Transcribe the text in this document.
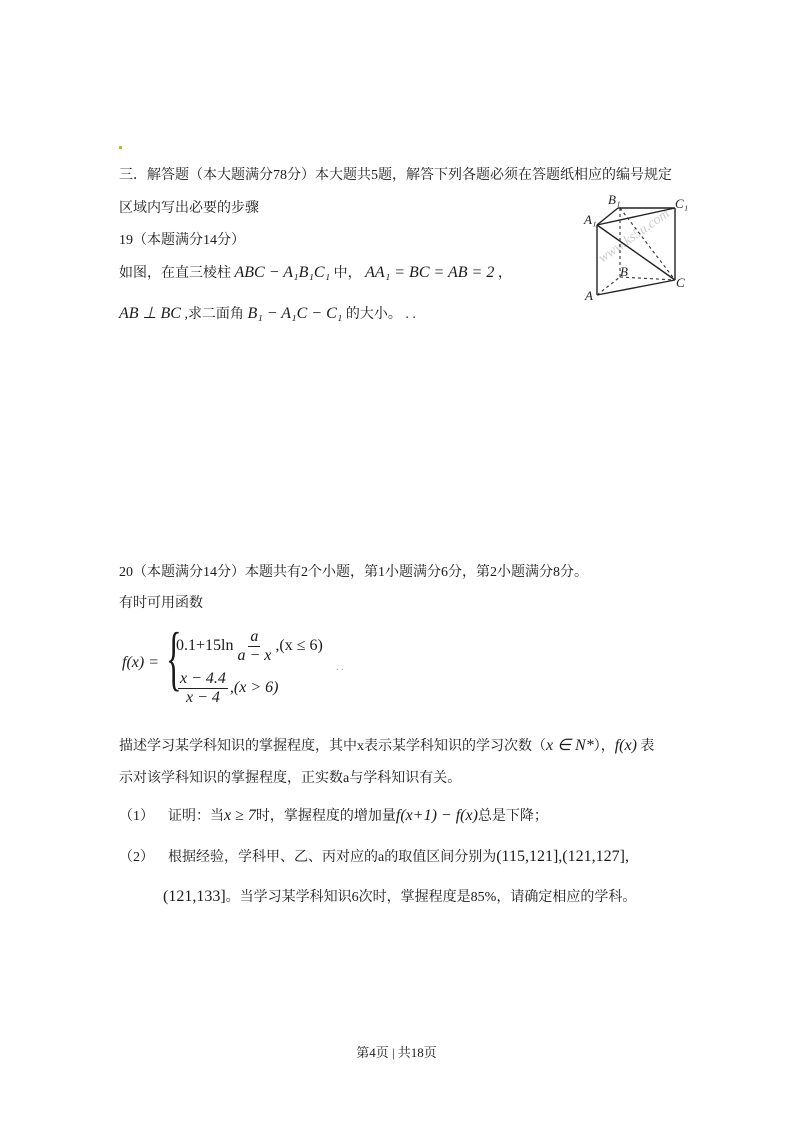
三．解答题（本大题满分78分）本大题共5题，解答下列各题必须在答题纸相应的编号规定
区域内写出必要的步骤
19（本题满分14分）
如图，在直三棱柱 ABC − A₁B₁C₁ 中， AA₁ = BC = AB = 2 ，
AB ⊥ BC ,求二面角 B₁ − A₁C − C₁ 的大小。 . .
www.ks5u.com
B₁	C₁
A₁
B
C
A
20（本题满分14分）本题共有2个小题，第1小题满分6分，第2小题满分8分。
有时可用函数
f(x) = {
$0.1+15\ln \frac{a}{a - x} ,(x \le 6)$
$\frac{x - 4.4}{x - 4} ,(x > 6)$
. .
描述学习某学科知识的掌握程度，其中x表示某学科知识的学习次数（x ∈ N*），f(x) 表
示对该学科知识的掌握程度，正实数a与学科知识有关。
（1） 证明：当x ≥ 7时，掌握程度的增加量f(x+1) − f(x)总是下降；
（2） 根据经验，学科甲、乙、丙对应的a的取值区间分别为(115,121],(121,127],
(121,133]。当学习某学科知识6次时，掌握程度是85%，请确定相应的学科。
第4页 | 共18页
